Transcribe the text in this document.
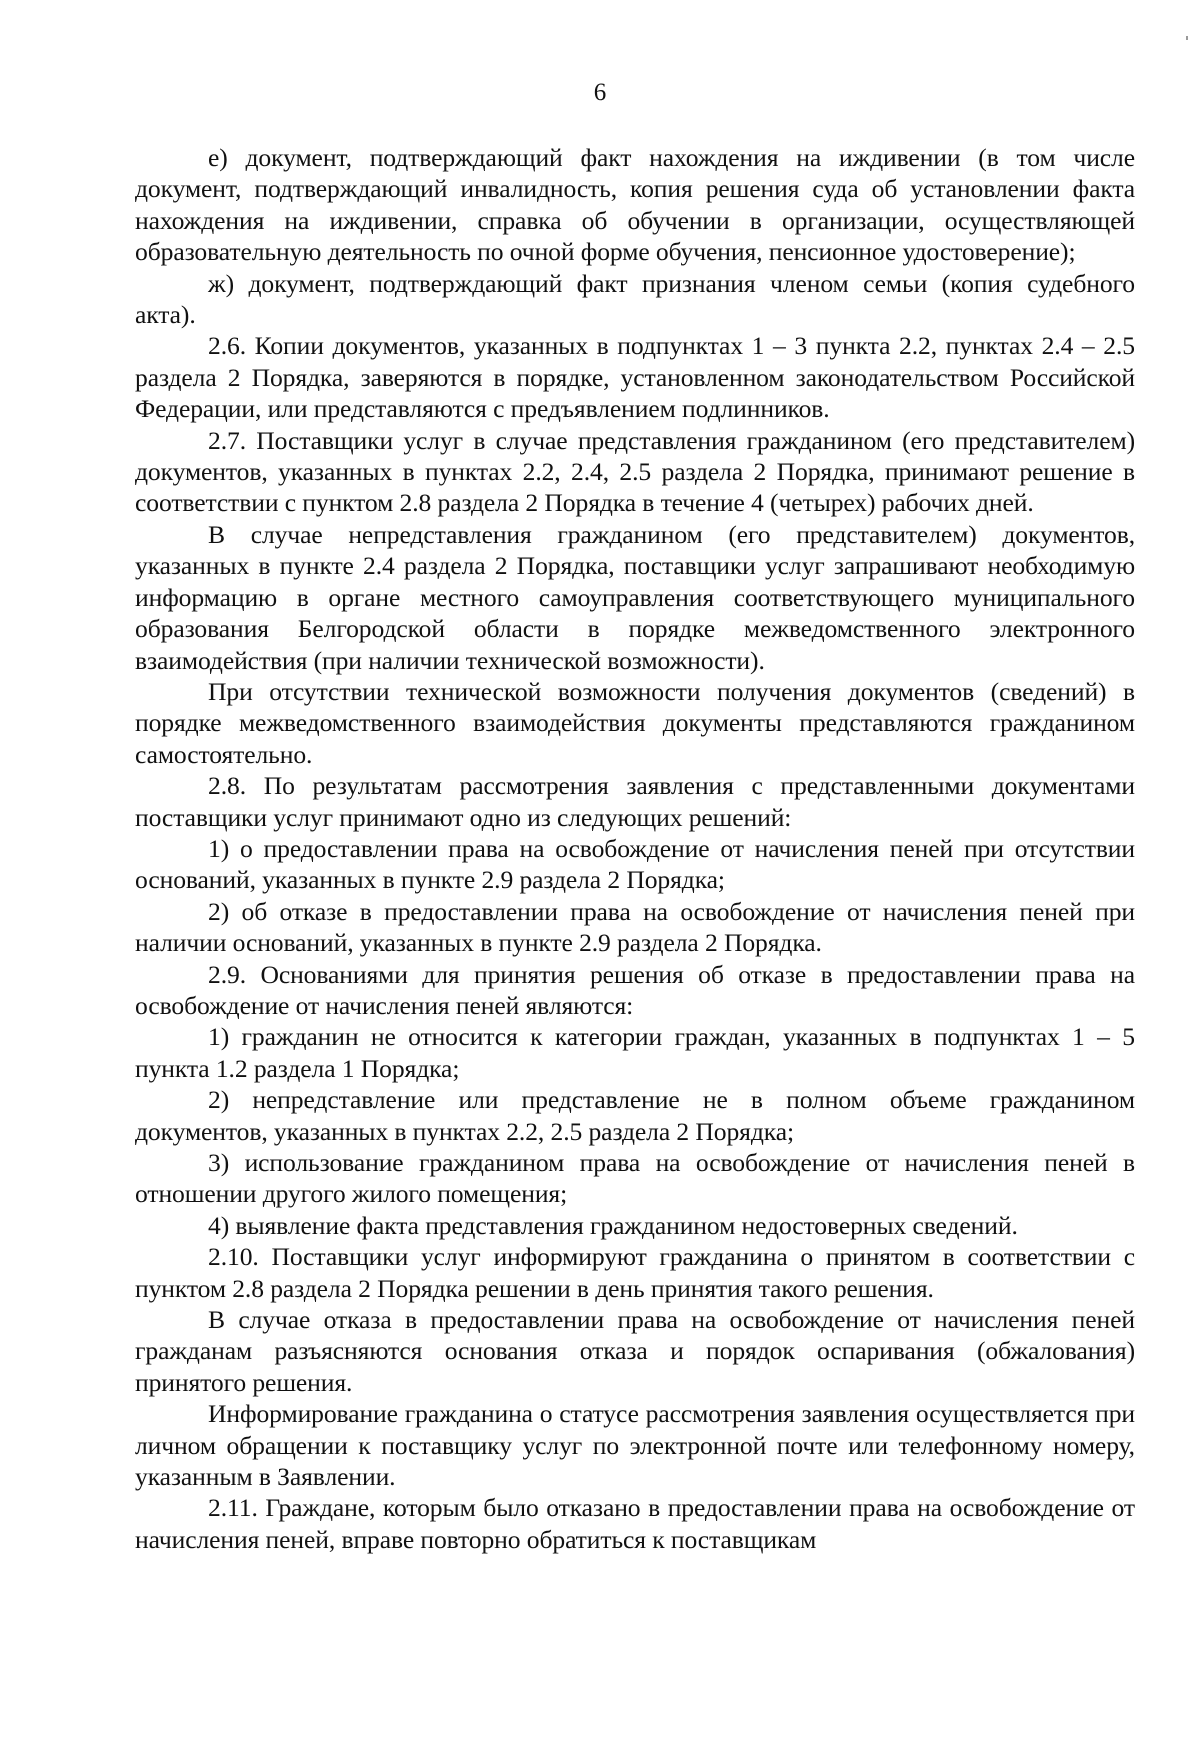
6

е) документ, подтверждающий факт нахождения на иждивении (в том числе документ, подтверждающий инвалидность, копия решения суда об установлении факта нахождения на иждивении, справка об обучении в организации, осуществляющей образовательную деятельность по очной форме обучения, пенсионное удостоверение);

ж) документ, подтверждающий факт признания членом семьи (копия судебного акта).

2.6. Копии документов, указанных в подпунктах 1 – 3 пункта 2.2, пунктах 2.4 – 2.5 раздела 2 Порядка, заверяются в порядке, установленном законодательством Российской Федерации, или представляются с предъявлением подлинников.

2.7. Поставщики услуг в случае представления гражданином (его представителем) документов, указанных в пунктах 2.2, 2.4, 2.5 раздела 2 Порядка, принимают решение в соответствии с пунктом 2.8 раздела 2 Порядка в течение 4 (четырех) рабочих дней.

В случае непредставления гражданином (его представителем) документов, указанных в пункте 2.4 раздела 2 Порядка, поставщики услуг запрашивают необходимую информацию в органе местного самоуправления соответствующего муниципального образования Белгородской области в порядке межведомственного электронного взаимодействия (при наличии технической возможности).

При отсутствии технической возможности получения документов (сведений) в порядке межведомственного взаимодействия документы представляются гражданином самостоятельно.

2.8. По результатам рассмотрения заявления с представленными документами поставщики услуг принимают одно из следующих решений:

1) о предоставлении права на освобождение от начисления пеней при отсутствии оснований, указанных в пункте 2.9 раздела 2 Порядка;

2) об отказе в предоставлении права на освобождение от начисления пеней при наличии оснований, указанных в пункте 2.9 раздела 2 Порядка.

2.9. Основаниями для принятия решения об отказе в предоставлении права на освобождение от начисления пеней являются:

1) гражданин не относится к категории граждан, указанных в подпунктах 1 – 5 пункта 1.2 раздела 1 Порядка;

2) непредставление или представление не в полном объеме гражданином документов, указанных в пунктах 2.2, 2.5 раздела 2 Порядка;

3) использование гражданином права на освобождение от начисления пеней в отношении другого жилого помещения;

4) выявление факта представления гражданином недостоверных сведений.

2.10. Поставщики услуг информируют гражданина о принятом в соответствии с пунктом 2.8 раздела 2 Порядка решении в день принятия такого решения.

В случае отказа в предоставлении права на освобождение от начисления пеней гражданам разъясняются основания отказа и порядок оспаривания (обжалования) принятого решения.

Информирование гражданина о статусе рассмотрения заявления осуществляется при личном обращении к поставщику услуг по электронной почте или телефонному номеру, указанным в Заявлении.

2.11. Граждане, которым было отказано в предоставлении права на освобождение от начисления пеней, вправе повторно обратиться к поставщикам
